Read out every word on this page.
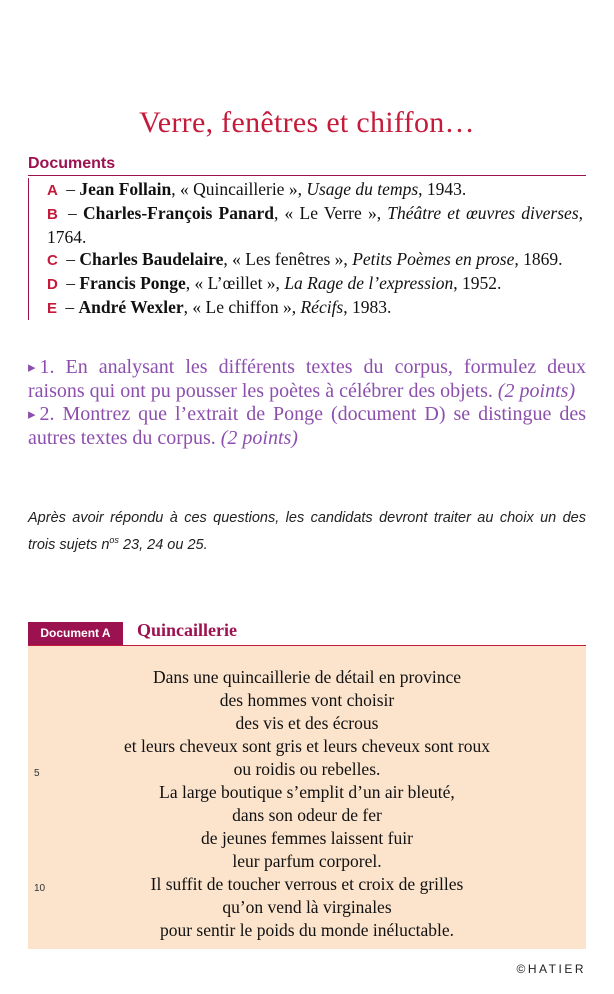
Verre, fenêtres et chiffon…
Documents
A – Jean Follain, « Quincaillerie », Usage du temps, 1943.
B – Charles-François Panard, « Le Verre », Théâtre et œuvres diverses, 1764.
C – Charles Baudelaire, « Les fenêtres », Petits Poèmes en prose, 1869.
D – Francis Ponge, « L’œillet », La Rage de l’expression, 1952.
E – André Wexler, « Le chiffon », Récifs, 1983.

▸ 1. En analysant les différents textes du corpus, formulez deux raisons qui ont pu pousser les poètes à célébrer des objets. (2 points)

▸ 2. Montrez que l’extrait de Ponge (document D) se distingue des autres textes du corpus. (2 points)

Après avoir répondu à ces questions, les candidats devront traiter au choix un des trois sujets $n^{os}$ 23, 24 ou 25.
Document A	Quincaillerie
Dans une quincaillerie de détail en province
des hommes vont choisir
des vis et des écrous
et leurs cheveux sont gris et leurs cheveux sont roux
5	ou roidis ou rebelles.
La large boutique s’emplit d’un air bleuté,
dans son odeur de fer
de jeunes femmes laissent fuir
leur parfum corporel.
10	Il suffit de toucher verrous et croix de grilles
qu’on vend là virginales
pour sentir le poids du monde inéluctable.
©HATIER
